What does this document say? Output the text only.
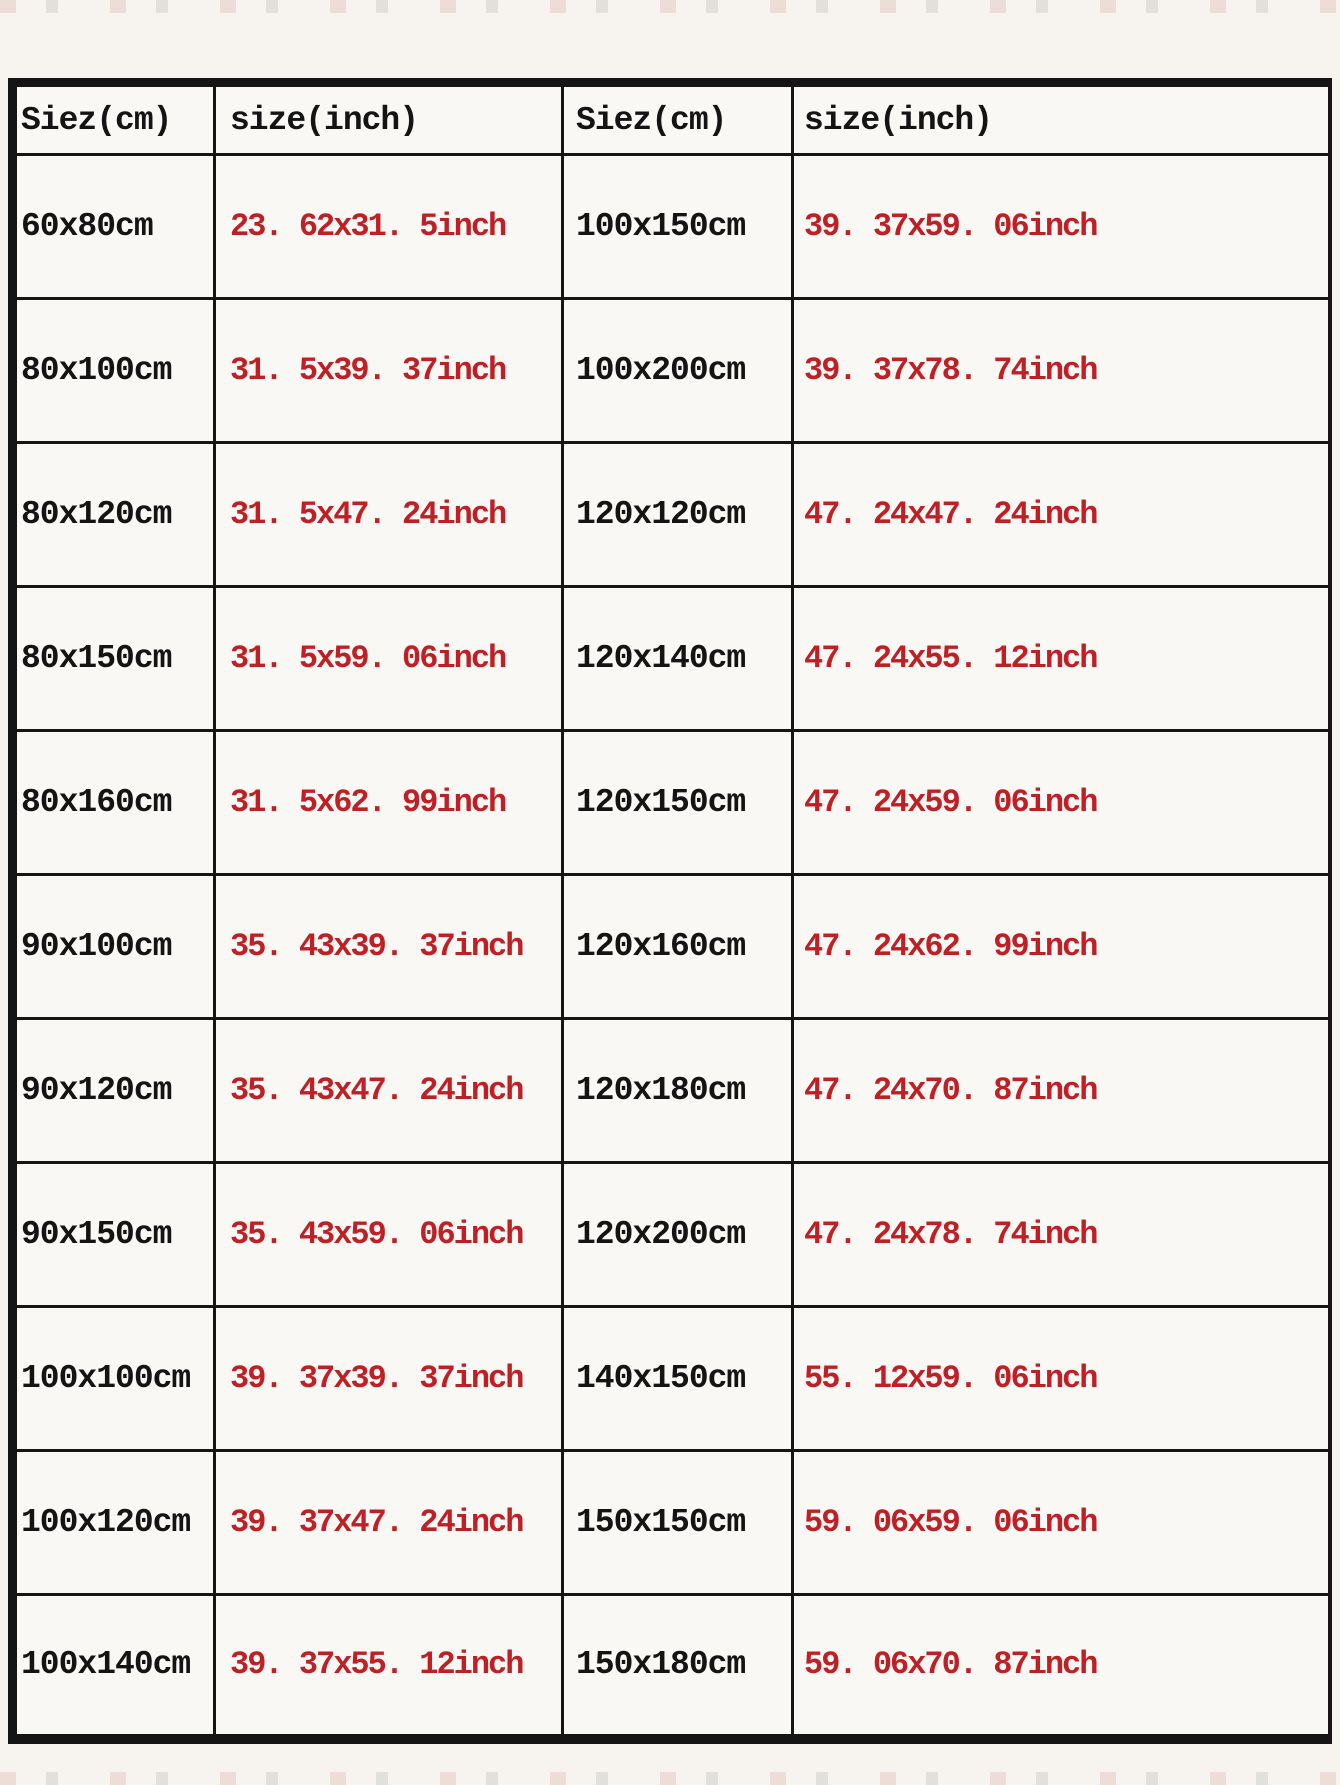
Siez(cm)	size(inch)	Siez(cm)	size(inch)
60x80cm	23. 62x31. 5inch	100x150cm	39. 37x59. 06inch
80x100cm	31. 5x39. 37inch	100x200cm	39. 37x78. 74inch
80x120cm	31. 5x47. 24inch	120x120cm	47. 24x47. 24inch
80x150cm	31. 5x59. 06inch	120x140cm	47. 24x55. 12inch
80x160cm	31. 5x62. 99inch	120x150cm	47. 24x59. 06inch
90x100cm	35. 43x39. 37inch	120x160cm	47. 24x62. 99inch
90x120cm	35. 43x47. 24inch	120x180cm	47. 24x70. 87inch
90x150cm	35. 43x59. 06inch	120x200cm	47. 24x78. 74inch
100x100cm	39. 37x39. 37inch	140x150cm	55. 12x59. 06inch
100x120cm	39. 37x47. 24inch	150x150cm	59. 06x59. 06inch
100x140cm	39. 37x55. 12inch	150x180cm	59. 06x70. 87inch
